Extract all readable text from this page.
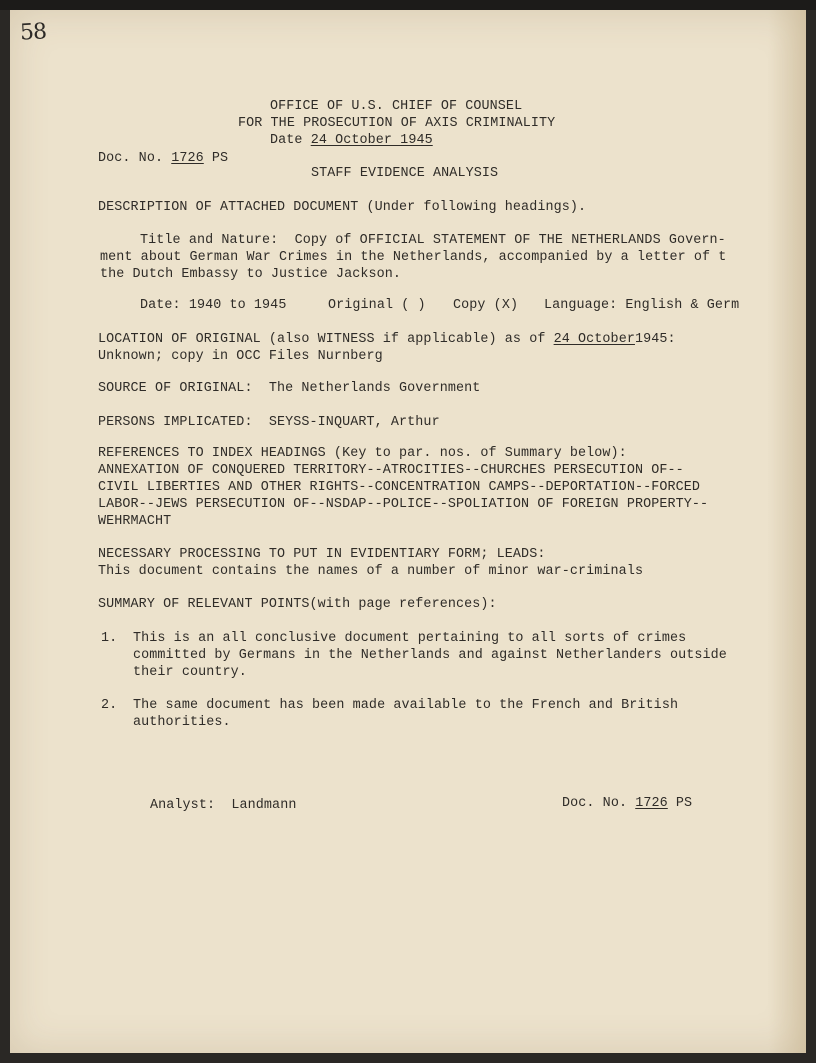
58
OFFICE OF U.S. CHIEF OF COUNSEL
FOR THE PROSECUTION OF AXIS CRIMINALITY
Date 24 October 1945
Doc. No. 1726 PS
STAFF EVIDENCE ANALYSIS
DESCRIPTION OF ATTACHED DOCUMENT (Under following headings).
Title and Nature: Copy of OFFICIAL STATEMENT OF THE NETHERLANDS Govern-
ment about German War Crimes in the Netherlands, accompanied by a letter of t
the Dutch Embassy to Justice Jackson.
Date: 1940 to 1945	Original ( ) Copy (X) Language: English & Germ
LOCATION OF ORIGINAL (also WITNESS if applicable) as of 24 October1945:
Unknown; copy in OCC Files Nurnberg
SOURCE OF ORIGINAL: The Netherlands Government
PERSONS IMPLICATED: SEYSS-INQUART, Arthur
REFERENCES TO INDEX HEADINGS (Key to par. nos. of Summary below):
ANNEXATION OF CONQUERED TERRITORY--ATROCITIES--CHURCHES PERSECUTION OF--
CIVIL LIBERTIES AND OTHER RIGHTS--CONCENTRATION CAMPS--DEPORTATION--FORCED
LABOR--JEWS PERSECUTION OF--NSDAP--POLICE--SPOLIATION OF FOREIGN PROPERTY--
WEHRMACHT
NECESSARY PROCESSING TO PUT IN EVIDENTIARY FORM; LEADS:
This document contains the names of a number of minor war-criminals
SUMMARY OF RELEVANT POINTS(with page references):
1. This is an all conclusive document pertaining to all sorts of crimes
committed by Germans in the Netherlands and against Netherlanders outside
their country.
2. The same document has been made available to the French and British
authorities.
Analyst: Landmann	Doc. No. 1726 PS
